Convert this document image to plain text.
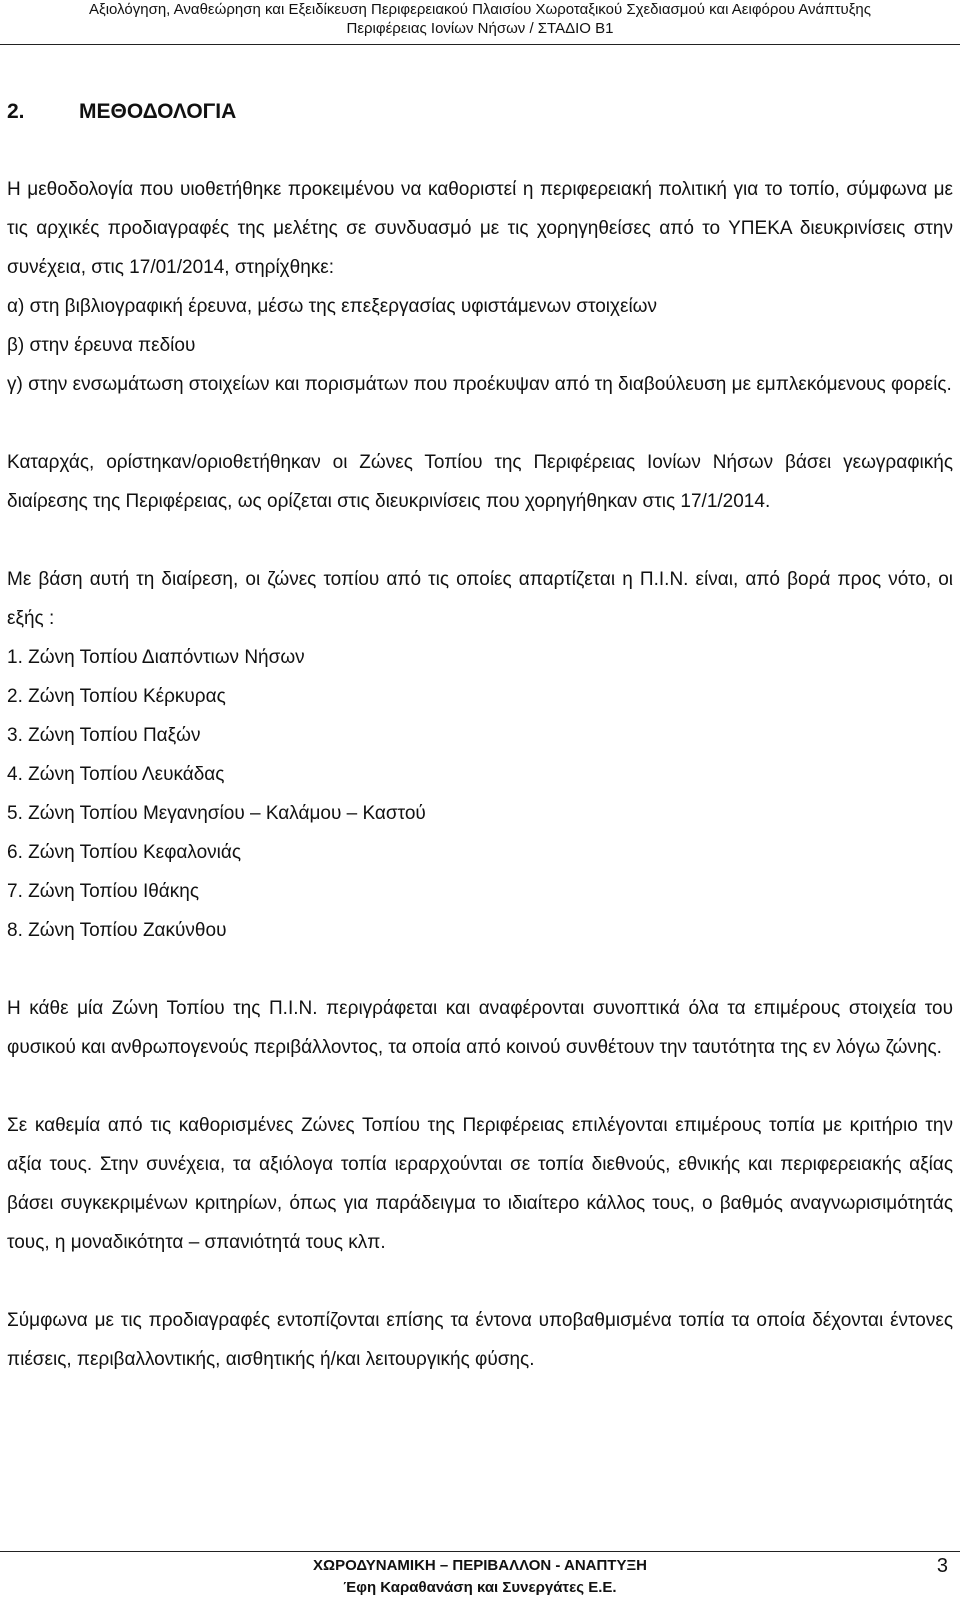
Αξιολόγηση, Αναθεώρηση και Εξειδίκευση Περιφερειακού Πλαισίου Χωροταξικού Σχεδιασμού και Αειφόρου Ανάπτυξης
Περιφέρειας Ιονίων Νήσων / ΣΤΑΔΙΟ Β1
2.	ΜΕΘΟΔΟΛΟΓΙΑ

Η μεθοδολογία που υιοθετήθηκε προκειμένου να καθοριστεί η περιφερειακή πολιτική για το τοπίο, σύμφωνα με τις αρχικές προδιαγραφές της μελέτης σε συνδυασμό με τις χορηγηθείσες από το ΥΠΕΚΑ διευκρινίσεις στην συνέχεια, στις 17/01/2014, στηρίχθηκε:

α) στη βιβλιογραφική έρευνα, μέσω της επεξεργασίας υφιστάμενων στοιχείων

β) στην έρευνα πεδίου

γ) στην ενσωμάτωση στοιχείων και πορισμάτων που προέκυψαν από τη διαβούλευση με εμπλεκόμενους φορείς.

Καταρχάς, ορίστηκαν/οριοθετήθηκαν οι Ζώνες Τοπίου της Περιφέρειας Ιονίων Νήσων βάσει γεωγραφικής διαίρεσης της Περιφέρειας, ως ορίζεται στις διευκρινίσεις που χορηγήθηκαν στις 17/1/2014.

Με βάση αυτή τη διαίρεση, οι ζώνες τοπίου από τις οποίες απαρτίζεται η Π.Ι.Ν. είναι, από βορά προς νότο, οι εξής :

1. Ζώνη Τοπίου Διαπόντιων Νήσων

2. Ζώνη Τοπίου Κέρκυρας

3. Ζώνη Τοπίου Παξών

4. Ζώνη Τοπίου Λευκάδας

5. Ζώνη Τοπίου Μεγανησίου – Καλάμου – Καστού

6. Ζώνη Τοπίου Κεφαλονιάς

7. Ζώνη Τοπίου Ιθάκης

8. Ζώνη Τοπίου Ζακύνθου

Η κάθε μία Ζώνη Τοπίου της Π.Ι.Ν. περιγράφεται και αναφέρονται συνοπτικά όλα τα επιμέρους στοιχεία του φυσικού και ανθρωπογενούς περιβάλλοντος, τα οποία από κοινού συνθέτουν την ταυτότητα της εν λόγω ζώνης.

Σε καθεμία από τις καθορισμένες Ζώνες Τοπίου της Περιφέρειας επιλέγονται επιμέρους τοπία με κριτήριο την αξία τους. Στην συνέχεια, τα αξιόλογα τοπία ιεραρχούνται σε τοπία διεθνούς, εθνικής και περιφερειακής αξίας βάσει συγκεκριμένων κριτηρίων, όπως για παράδειγμα το ιδιαίτερο κάλλος τους, ο βαθμός αναγνωρισιμότητάς τους, η μοναδικότητα – σπανιότητά τους κλπ.

Σύμφωνα με τις προδιαγραφές εντοπίζονται επίσης τα έντονα υποβαθμισμένα τοπία τα οποία δέχονται έντονες πιέσεις, περιβαλλοντικής, αισθητικής ή/και λειτουργικής φύσης.

ΧΩΡΟΔΥΝΑΜΙΚΗ – ΠΕΡΙΒΑΛΛΟΝ - ΑΝΑΠΤΥΞΗ
Έφη Καραθανάση και Συνεργάτες Ε.Ε.
3
